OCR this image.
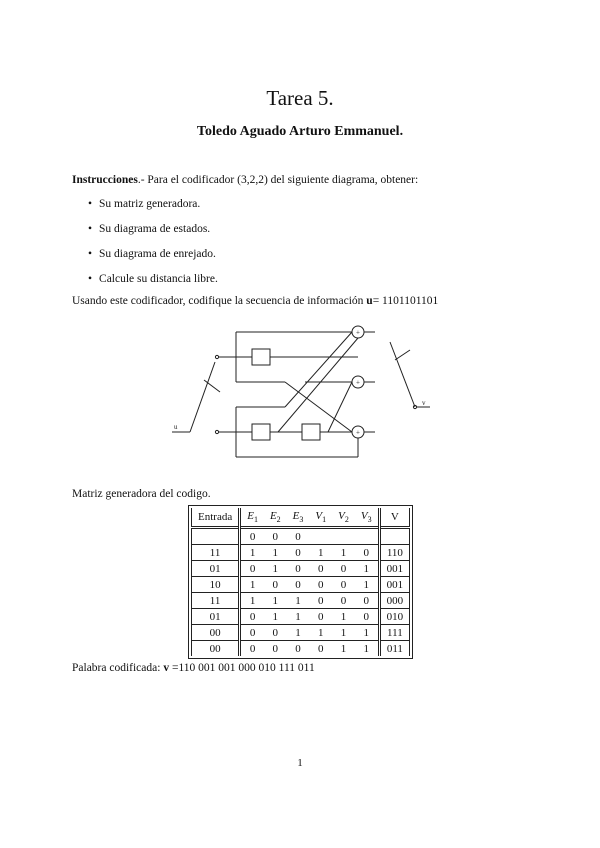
Tarea 5.
Toledo Aguado Arturo Emmanuel.
Instrucciones.- Para el codificador (3,2,2) del siguiente diagrama, obtener:
• Su matriz generadora.
• Su diagrama de estados.
• Su diagrama de enrejado.
• Calcule su distancia libre.
Usando este codificador, codifique la secuencia de información u= 1101101101
+
+
+
u
v
Matriz generadora del codigo.
Entrada	$E_1$	$E_2$	$E_3$	$V_1$	$V_2$	$V_3$	V
	0	0	0				
11	1	1	0	1	1	0	110
01	0	1	0	0	0	1	001
10	1	0	0	0	0	1	001
11	1	1	1	0	0	0	000
01	0	1	1	0	1	0	010
00	0	0	1	1	1	1	111
00	0	0	0	0	1	1	011
Palabra codificada: v =110 001 001 000 010 111 011
1
